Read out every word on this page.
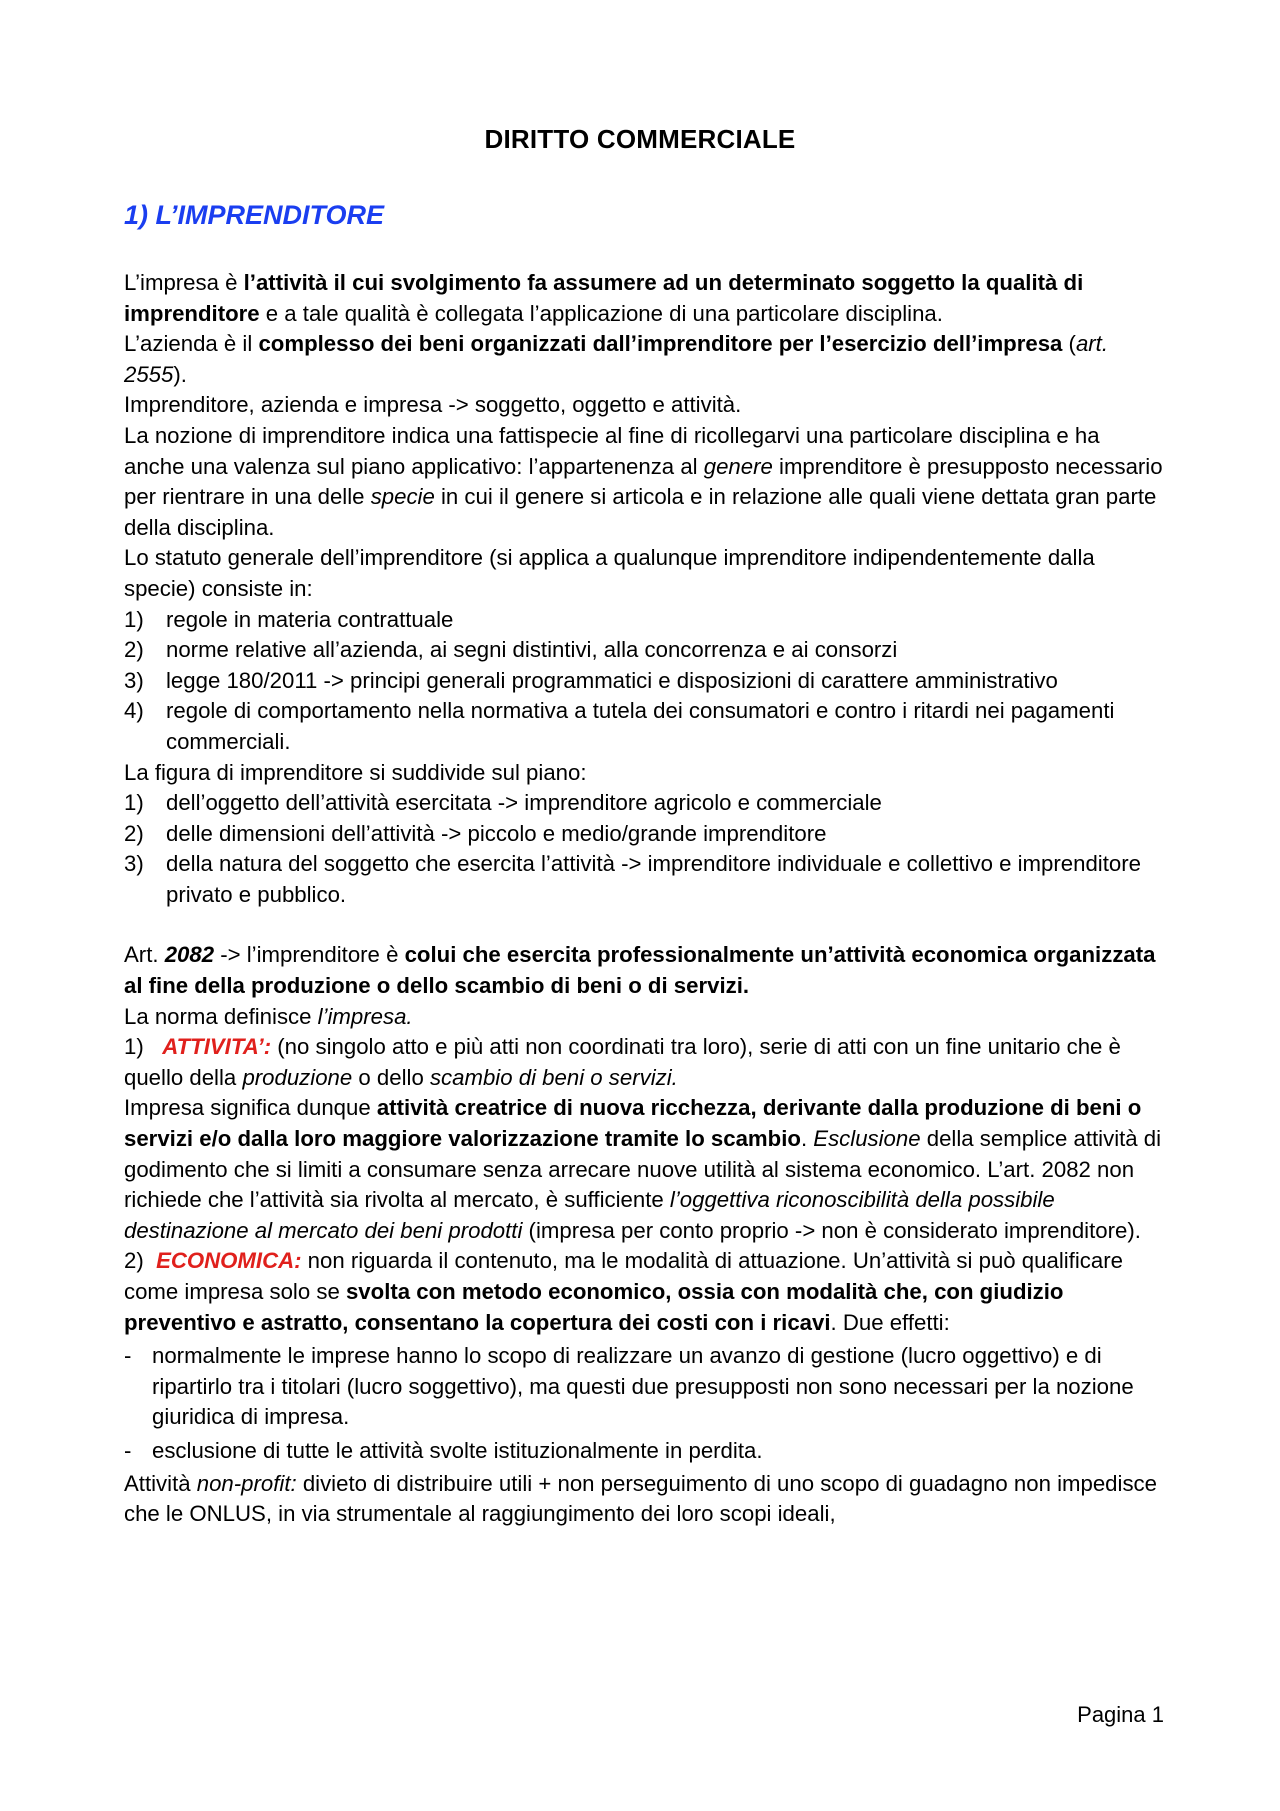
DIRITTO COMMERCIALE
1) L’IMPRENDITORE

L’impresa è l’attività il cui svolgimento fa assumere ad un determinato soggetto la qualità di imprenditore e a tale qualità è collegata l’applicazione di una particolare disciplina.

L’azienda è il complesso dei beni organizzati dall’imprenditore per l’esercizio dell’impresa (art. 2555).

Imprenditore, azienda e impresa -> soggetto, oggetto e attività.

La nozione di imprenditore indica una fattispecie al fine di ricollegarvi una particolare disciplina e ha anche una valenza sul piano applicativo: l’appartenenza al genere imprenditore è presupposto necessario per rientrare in una delle specie in cui il genere si articola e in relazione alle quali viene dettata gran parte della disciplina.

Lo statuto generale dell’imprenditore (si applica a qualunque imprenditore indipendentemente dalla specie) consiste in:

1)	regole in materia contrattuale
2)	norme relative all’azienda, ai segni distintivi, alla concorrenza e ai consorzi
3)	legge 180/2011 -> principi generali programmatici e disposizioni di carattere amministrativo
4)	regole di comportamento nella normativa a tutela dei consumatori e contro i ritardi nei pagamenti commerciali.

La figura di imprenditore si suddivide sul piano:

1)	dell’oggetto dell’attività esercitata -> imprenditore agricolo e commerciale
2)	delle dimensioni dell’attività -> piccolo e medio/grande imprenditore
3)	della natura del soggetto che esercita l’attività -> imprenditore individuale e collettivo e imprenditore privato e pubblico.

Art. 2082 -> l’imprenditore è colui che esercita professionalmente un’attività economica organizzata al fine della produzione o dello scambio di beni o di servizi.

La norma definisce l’impresa.

1)   ATTIVITA’: (no singolo atto e più atti non coordinati tra loro), serie di atti con un fine unitario che è quello della produzione o dello scambio di beni o servizi.

Impresa significa dunque attività creatrice di nuova ricchezza, derivante dalla produzione di beni o servizi e/o dalla loro maggiore valorizzazione tramite lo scambio. Esclusione della semplice attività di godimento che si limiti a consumare senza arrecare nuove utilità al sistema economico. L’art. 2082 non richiede che l’attività sia rivolta al mercato, è sufficiente l’oggettiva riconoscibilità della possibile destinazione al mercato dei beni prodotti (impresa per conto proprio -> non è considerato imprenditore).

2)  ECONOMICA: non riguarda il contenuto, ma le modalità di attuazione. Un’attività si può qualificare come impresa solo se svolta con metodo economico, ossia con modalità che, con giudizio preventivo e astratto, consentano la copertura dei costi con i ricavi. Due effetti:

- normalmente le imprese hanno lo scopo di realizzare un avanzo di gestione (lucro oggettivo) e di ripartirlo tra i titolari (lucro soggettivo), ma questi due presupposti non sono necessari per la nozione giuridica di impresa.
- esclusione di tutte le attività svolte istituzionalmente in perdita.

Attività non-profit: divieto di distribuire utili + non perseguimento di uno scopo di guadagno non impedisce che le ONLUS, in via strumentale al raggiungimento dei loro scopi ideali,

Pagina 1
